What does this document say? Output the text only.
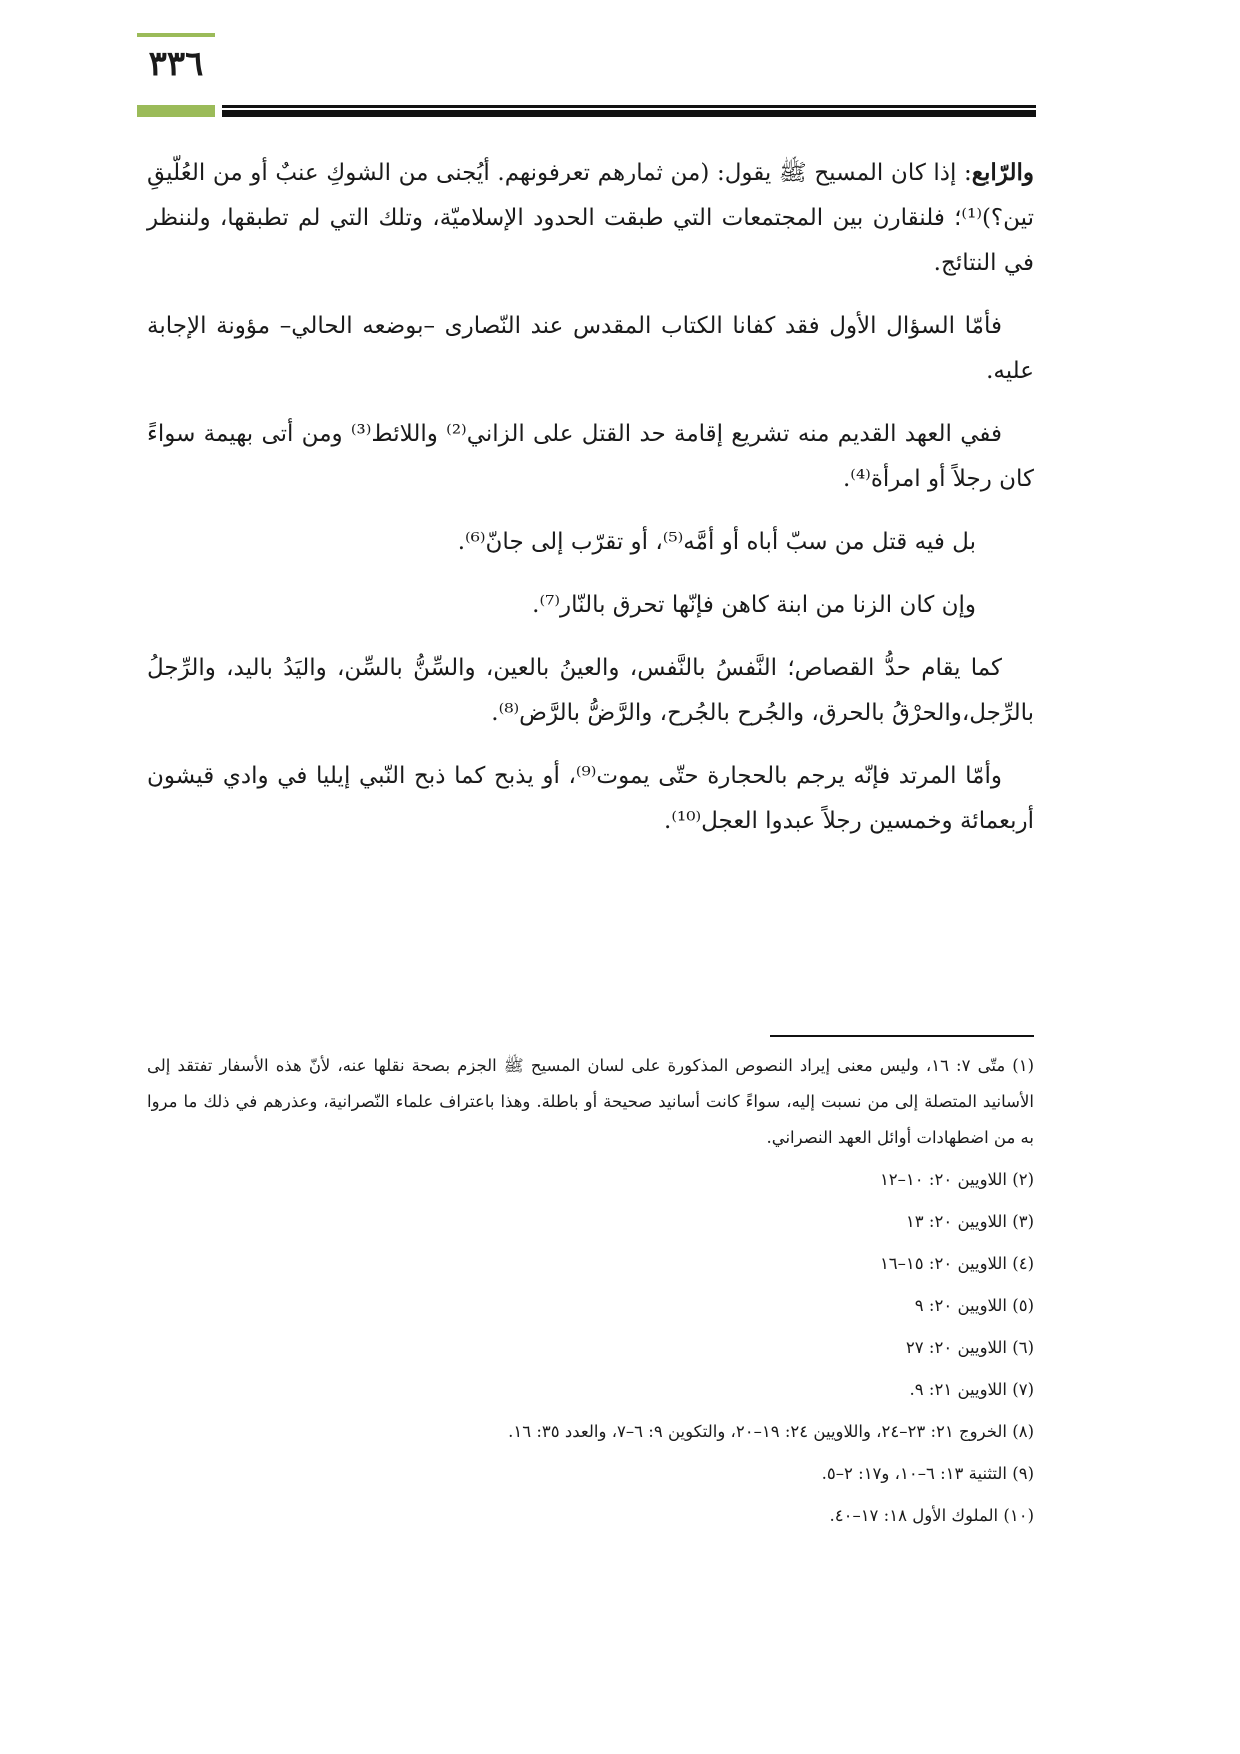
٣٣٦

والرّابع: إذا كان المسيح ﷺ يقول: (من ثمارهم تعرفونهم. أيُجنى من الشوكِ عنبٌ أو من العُلّيقِ تين؟)⁽¹⁾؛ فلنقارن بين المجتمعات التي طبقت الحدود الإسلاميّة، وتلك التي لم تطبقها، ولننظر في النتائج.

فأمّا السؤال الأول فقد كفانا الكتاب المقدس عند النّصارى –بوضعه الحالي– مؤونة الإجابة عليه.

ففي العهد القديم منه تشريع إقامة حد القتل على الزاني⁽²⁾ واللائط⁽³⁾ ومن أتى بهيمة سواءً كان رجلاً أو امرأة⁽⁴⁾.

بل فيه قتل من سبّ أباه أو أمَّه⁽⁵⁾، أو تقرّب إلى جانّ⁽⁶⁾.

وإن كان الزنا من ابنة كاهن فإنّها تحرق بالنّار⁽⁷⁾.

كما يقام حدُّ القصاص؛ النَّفسُ بالنَّفس، والعينُ بالعين، والسِّنُّ بالسِّن، واليَدُ باليد، والرِّجلُ بالرِّجل،والحرْقُ بالحرق، والجُرح بالجُرح، والرَّضُّ بالرَّض⁽⁸⁾.

وأمّا المرتد فإنّه يرجم بالحجارة حتّى يموت⁽⁹⁾، أو يذبح كما ذبح النّبي إيليا في وادي قيشون أربعمائة وخمسين رجلاً عبدوا العجل⁽¹⁰⁾.

(١) متّى ٧: ١٦، وليس معنى إيراد النصوص المذكورة على لسان المسيح ﷺ الجزم بصحة نقلها عنه، لأنّ هذه الأسفار تفتقد إلى الأسانيد المتصلة إلى من نسبت إليه، سواءً كانت أسانيد صحيحة أو باطلة. وهذا باعتراف علماء النّصرانية، وعذرهم في ذلك ما مروا به من اضطهادات أوائل العهد النصراني.

(٢) اللاويين ٢٠: ١٠–١٢

(٣) اللاويين ٢٠: ١٣

(٤) اللاويين ٢٠: ١٥–١٦

(٥) اللاويين ٢٠: ٩

(٦) اللاويين ٢٠: ٢٧

(٧) اللاويين ٢١: ٩.

(٨) الخروج ٢١: ٢٣–٢٤، واللاويين ٢٤: ١٩–٢٠، والتكوين ٩: ٦–٧، والعدد ٣٥: ١٦.

(٩) التثنية ١٣: ٦–١٠، و١٧: ٢–٥.

(١٠) الملوك الأول ١٨: ١٧–٤٠.
